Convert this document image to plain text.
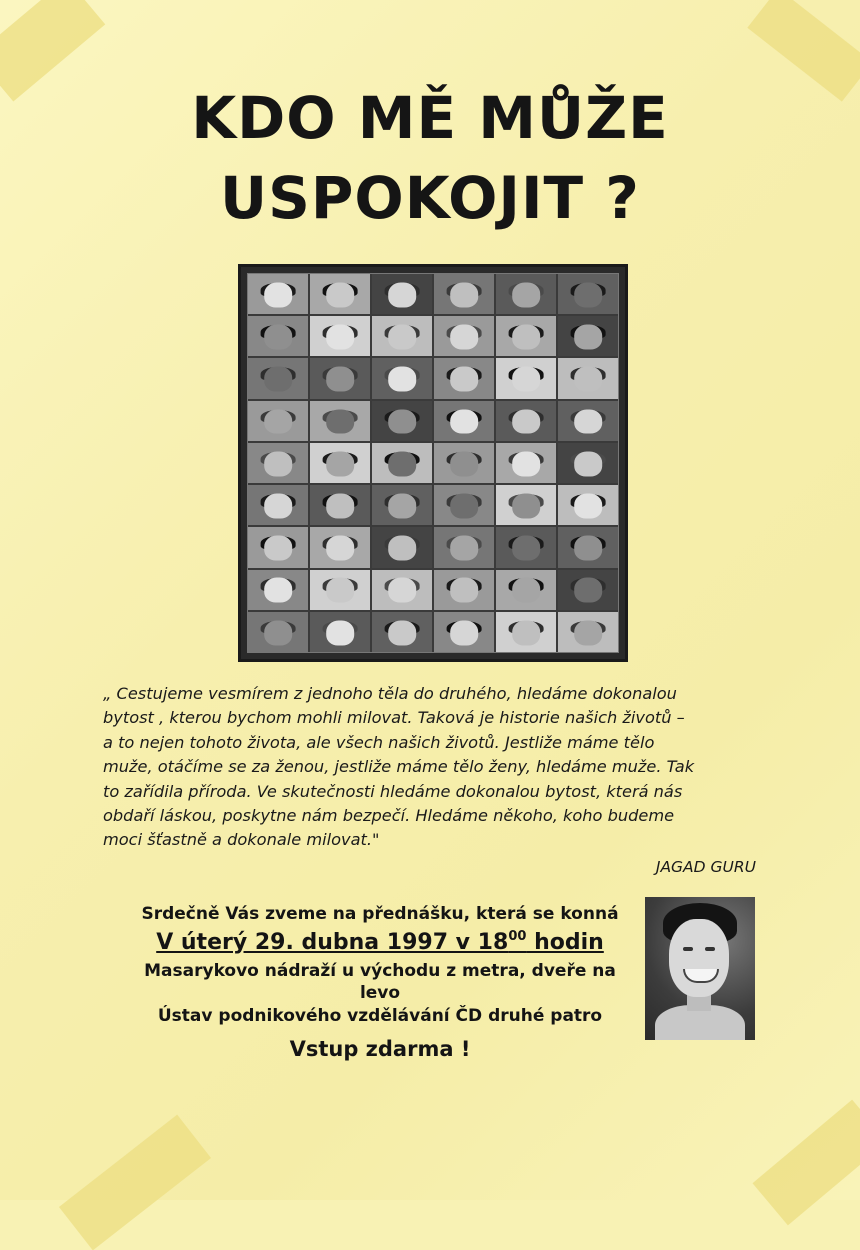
KDO MĚ MŮŽE
USPOKOJIT ?
„ Cestujeme vesmírem z jednoho těla do druhého, hledáme dokonalou
bytost , kterou bychom mohli milovat. Taková je historie našich životů –
a to nejen tohoto života, ale všech našich životů. Jestliže máme tělo
muže, otáčíme se za ženou, jestliže máme tělo ženy, hledáme muže. Tak
to zařídila příroda. Ve skutečnosti hledáme dokonalou bytost, která nás
obdaří láskou, poskytne nám bezpečí. Hledáme někoho, koho budeme
moci šťastně a dokonale milovat."
JAGAD GURU
Srdečně Vás zveme na přednášku, která se konná
V úterý 29. dubna 1997 v $18^{00}$ hodin
Masarykovo nádraží u východu z metra, dveře na
levo
Ústav podnikového vzdělávání ČD druhé patro
Vstup zdarma !
